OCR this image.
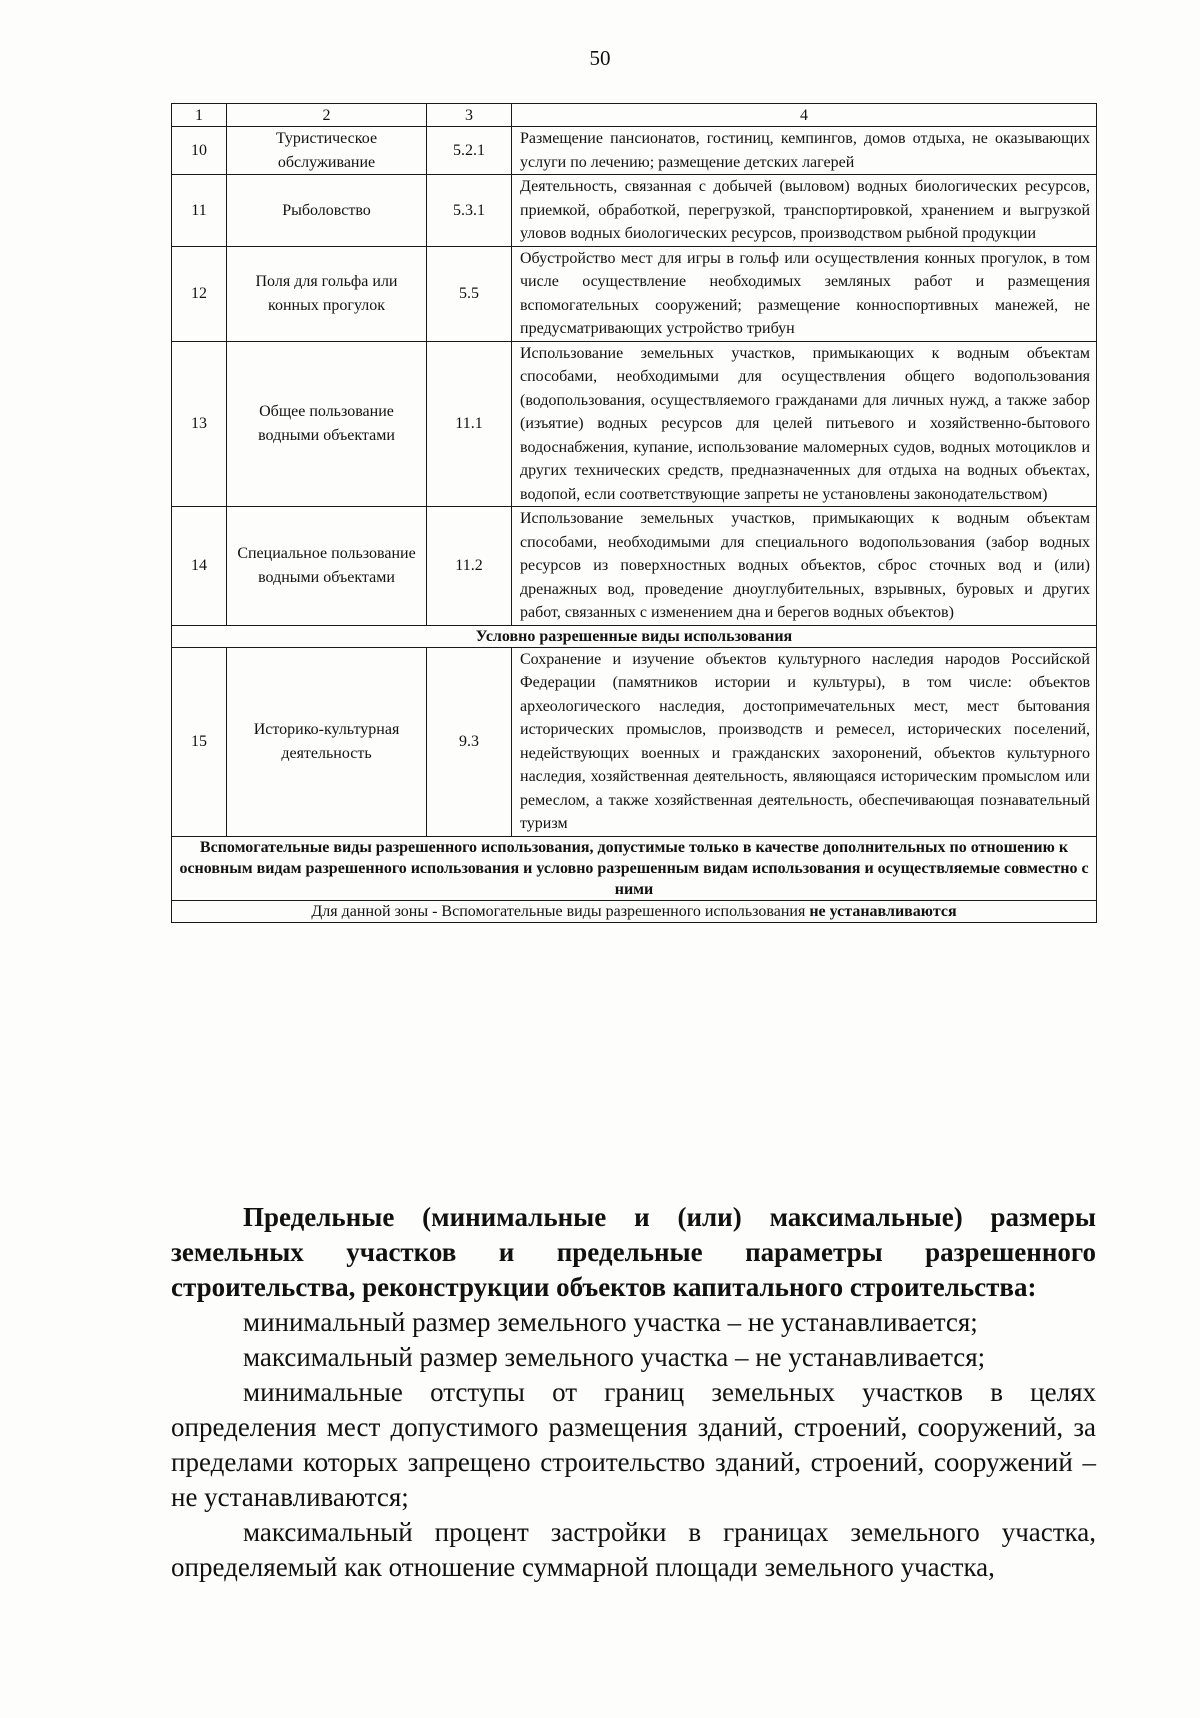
50
1	2	3	4
10	Туристическое обслуживание	5.2.1	Размещение пансионатов, гостиниц, кемпингов, домов отдыха, не оказывающих услуги по лечению; размещение детских лагерей
11	Рыболовство	5.3.1	Деятельность, связанная с добычей (выловом) водных биологических ресурсов, приемкой, обработкой, перегрузкой, транспортировкой, хранением и выгрузкой уловов водных биологических ресурсов, производством рыбной продукции
12	Поля для гольфа или конных прогулок	5.5	Обустройство мест для игры в гольф или осуществления конных прогулок, в том числе осуществление необходимых земляных работ и размещения вспомогательных сооружений; размещение конноспортивных манежей, не предусматривающих устройство трибун
13	Общее пользование водными объектами	11.1	Использование земельных участков, примыкающих к водным объектам способами, необходимыми для осуществления общего водопользования (водопользования, осуществляемого гражданами для личных нужд, а также забор (изъятие) водных ресурсов для целей питьевого и хозяйственно-бытового водоснабжения, купание, использование маломерных судов, водных мотоциклов и других технических средств, предназначенных для отдыха на водных объектах, водопой, если соответствующие запреты не установлены законодательством)
14	Специальное пользование водными объектами	11.2	Использование земельных участков, примыкающих к водным объектам способами, необходимыми для специального водопользования (забор водных ресурсов из поверхностных водных объектов, сброс сточных вод и (или) дренажных вод, проведение дноуглубительных, взрывных, буровых и других работ, связанных с изменением дна и берегов водных объектов)
Условно разрешенные виды использования			
15	Историко-культурная деятельность	9.3	Сохранение и изучение объектов культурного наследия народов Российской Федерации (памятников истории и культуры), в том числе: объектов археологического наследия, достопримечательных мест, мест бытования исторических промыслов, производств и ремесел, исторических поселений, недействующих военных и гражданских захоронений, объектов культурного наследия, хозяйственная деятельность, являющаяся историческим промыслом или ремеслом, а также хозяйственная деятельность, обеспечивающая познавательный туризм
Вспомогательные виды разрешенного использования, допустимые только в качестве дополнительных по отношению к основным видам разрешенного использования и условно разрешенным видам использования и осуществляемые совместно с ними			
Для данной зоны - Вспомогательные виды разрешенного использования не устанавливаются			

Предельные (минимальные и (или) максимальные) размеры

земельных участков и предельные параметры разрешенного

строительства, реконструкции объектов капитального строительства:

минимальный размер земельного участка – не устанавливается;

максимальный размер земельного участка – не устанавливается;

минимальные отступы от границ земельных участков в целях определения мест допустимого размещения зданий, строений, сооружений, за пределами которых запрещено строительство зданий, строений, сооружений – не устанавливаются;

максимальный процент застройки в границах земельного участка, определяемый как отношение суммарной площади земельного участка,
